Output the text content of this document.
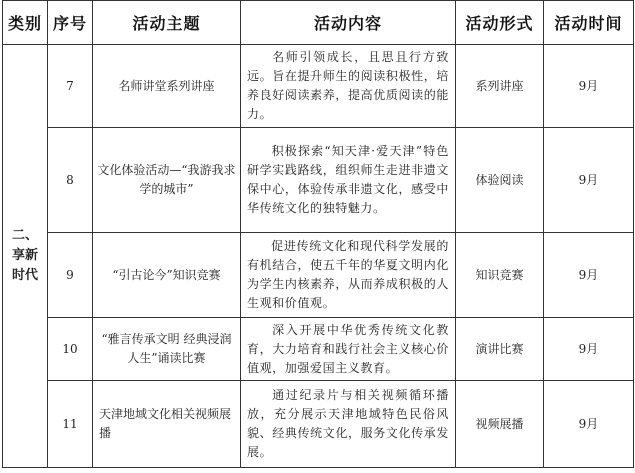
类别	序号	活动主题	活动内容	活动形式	活动时间

二、
享新
时代	7	名师讲堂系列讲座	名师引领成长，且思且行方致远。旨在提升师生的阅读积极性，培养良好阅读素养，提高优质阅读的能力。	系列讲座	9月
	8	文化体验活动—“我游我求学的城市”	积极探索“知天津·爱天津”特色研学实践路线，组织师生走进非遗文保中心，体验传承非遗文化，感受中华传统文化的独特魅力。	体验阅读	9月
	9	“引古论今”知识竞赛	促进传统文化和现代科学发展的有机结合，使五千年的华夏文明内化为学生内核素养，从而养成积极的人生观和价值观。	知识竞赛	9月
	10	“雅言传承文明 经典浸润人生”诵读比赛	深入开展中华优秀传统文化教育，大力培育和践行社会主义核心价值观，加强爱国主义教育。	演讲比赛	9月
	11	天津地域文化相关视频展播	通过纪录片与相关视频循环播放，充分展示天津地域特色民俗风貌、经典传统文化，服务文化传承发展。	视频展播	9月
